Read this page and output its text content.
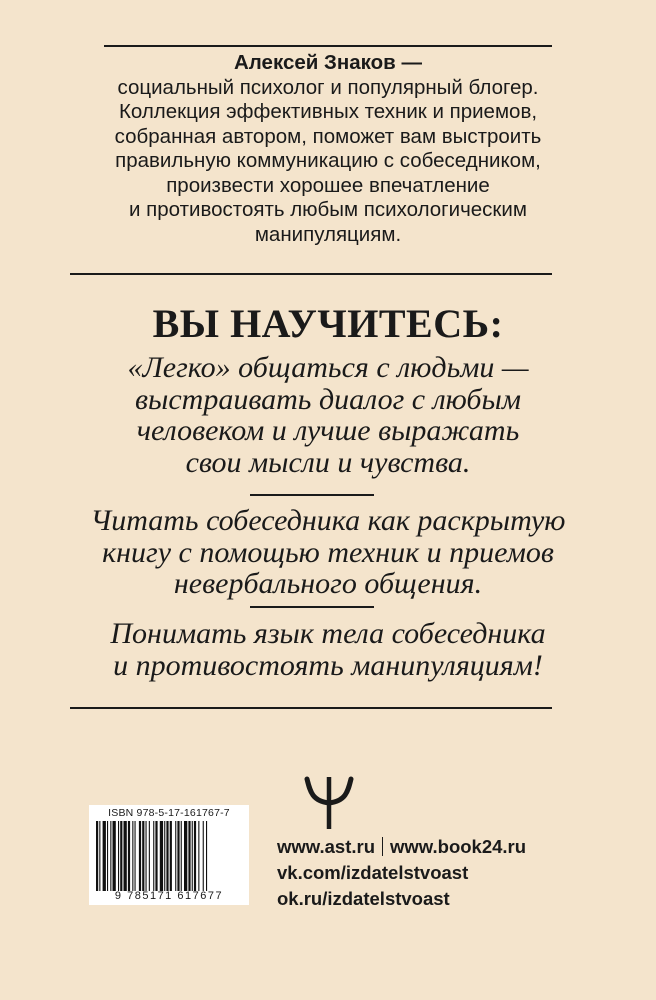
Алексей Знаков —
социальный психолог и популярный блогер.
Коллекция эффективных техник и приемов,
собранная автором, поможет вам выстроить
правильную коммуникацию с собеседником,
произвести хорошее впечатление
и противостоять любым психологическим
манипуляциям.
ВЫ НАУЧИТЕСЬ:
«Легко» общаться с людьми —
выстраивать диалог с любым
человеком и лучше выражать
свои мысли и чувства.
Читать собеседника как раскрытую
книгу с помощью техник и приемов
невербального общения.
Понимать язык тела собеседника
и противостоять манипуляциям!
ISBN 978-5-17-161767-7
9 785171 617677
www.ast.ru www.book24.ru
vk.com/izdatelstvoast
ok.ru/izdatelstvoast
